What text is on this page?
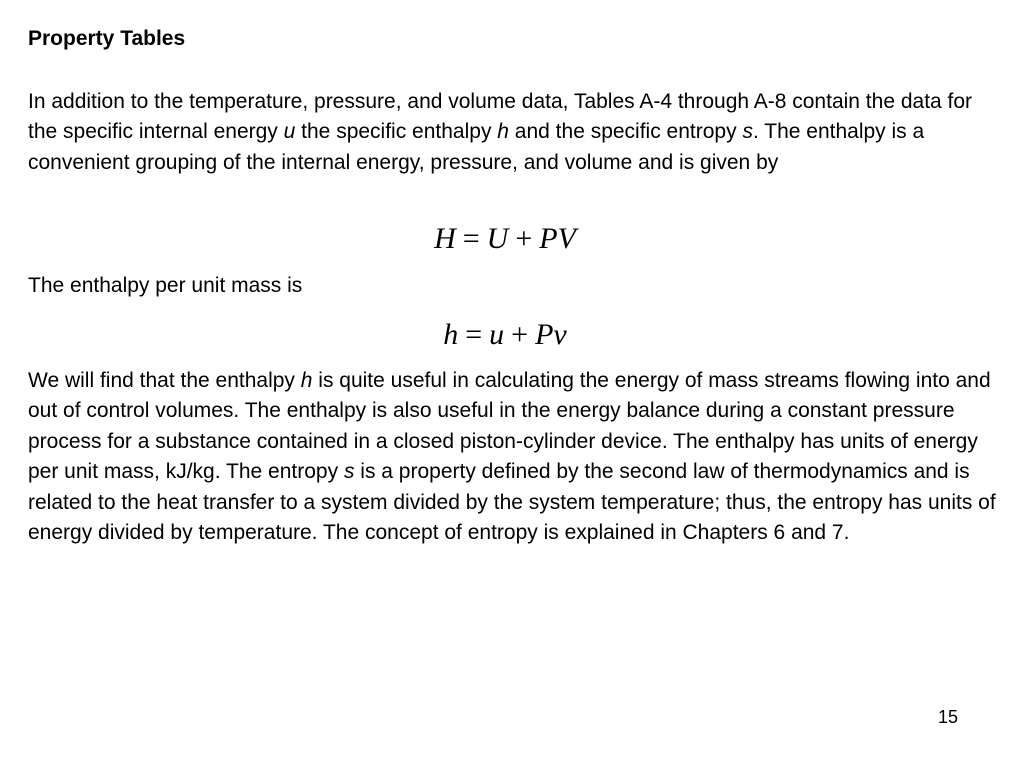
Property Tables

In addition to the temperature, pressure, and volume data, Tables A-4 through A-8 contain the data for the specific internal energy u the specific enthalpy h and the specific entropy s. The enthalpy is a convenient grouping of the internal energy, pressure, and volume and is given by

H = U + PV

The enthalpy per unit mass is

h = u + Pv

We will find that the enthalpy h is quite useful in calculating the energy of mass streams flowing into and out of control volumes. The enthalpy is also useful in the energy balance during a constant pressure process for a substance contained in a closed piston-cylinder device. The enthalpy has units of energy per unit mass, kJ/kg. The entropy s is a property defined by the second law of thermodynamics and is related to the heat transfer to a system divided by the system temperature; thus, the entropy has units of energy divided by temperature. The concept of entropy is explained in Chapters 6 and 7.

15
